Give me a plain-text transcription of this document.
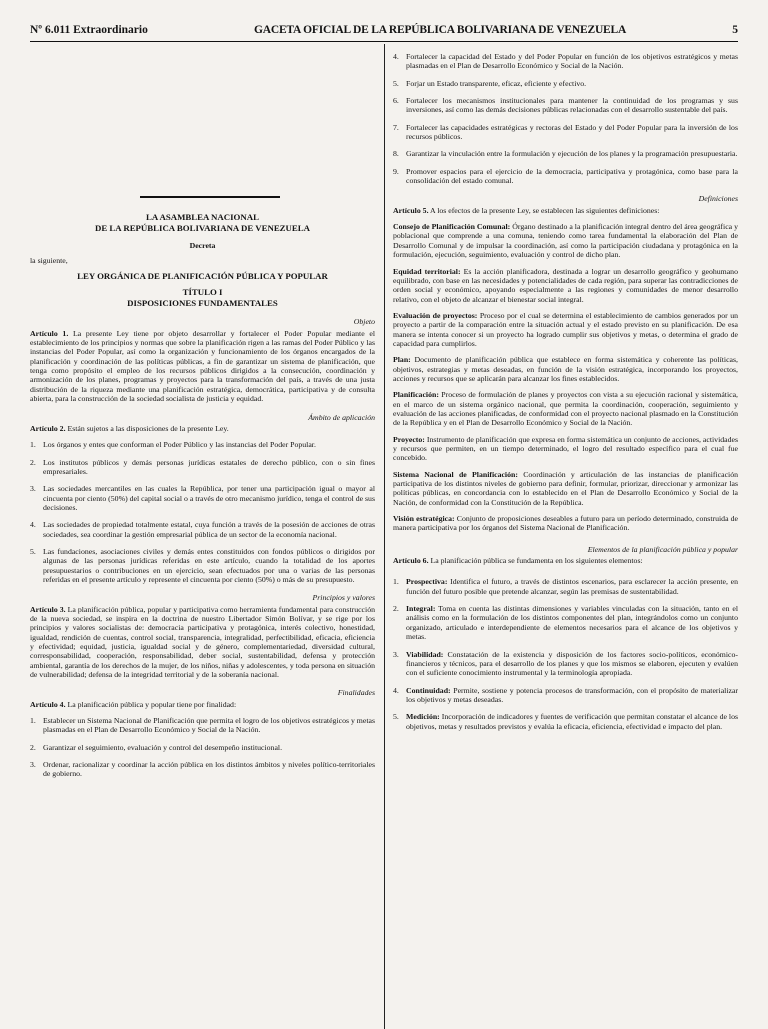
Nº 6.011 Extraordinario	GACETA OFICIAL DE LA REPÚBLICA BOLIVARIANA DE VENEZUELA	5
LA ASAMBLEA NACIONAL
DE LA REPÚBLICA BOLIVARIANA DE VENEZUELA
Decreta
la siguiente,
LEY ORGÁNICA DE PLANIFICACIÓN PÚBLICA Y POPULAR
TÍTULO I
DISPOSICIONES FUNDAMENTALES
Objeto

Artículo 1. La presente Ley tiene por objeto desarrollar y fortalecer el Poder Popular mediante el establecimiento de los principios y normas que sobre la planificación rigen a las ramas del Poder Público y las instancias del Poder Popular, así como la organización y funcionamiento de los órganos encargados de la planificación y coordinación de las políticas públicas, a fin de garantizar un sistema de planificación, que tenga como propósito el empleo de los recursos públicos dirigidos a la consecución, coordinación y armonización de los planes, programas y proyectos para la transformación del país, a través de una justa distribución de la riqueza mediante una planificación estratégica, democrática, participativa y de consulta abierta, para la construcción de la sociedad socialista de justicia y equidad.

Ámbito de aplicación

Artículo 2. Están sujetos a las disposiciones de la presente Ley.

1. Los órganos y entes que conforman el Poder Público y las instancias del Poder Popular.
2. Los institutos públicos y demás personas jurídicas estatales de derecho público, con o sin fines empresariales.
3. Las sociedades mercantiles en las cuales la República, por tener una participación igual o mayor al cincuenta por ciento (50%) del capital social o a través de otro mecanismo jurídico, tenga el control de sus decisiones.
4. Las sociedades de propiedad totalmente estatal, cuya función a través de la posesión de acciones de otras sociedades, sea coordinar la gestión empresarial pública de un sector de la economía nacional.
5. Las fundaciones, asociaciones civiles y demás entes constituidos con fondos públicos o dirigidos por algunas de las personas jurídicas referidas en este artículo, cuando la totalidad de los aportes presupuestarios o contribuciones en un ejercicio, sean efectuados por una o varias de las personas referidas en el presente artículo y represente el cincuenta por ciento (50%) o más de su presupuesto.
Principios y valores

Artículo 3. La planificación pública, popular y participativa como herramienta fundamental para construcción de la nueva sociedad, se inspira en la doctrina de nuestro Libertador Simón Bolívar, y se rige por los principios y valores socialistas de: democracia participativa y protagónica, interés colectivo, honestidad, igualdad, rendición de cuentas, control social, transparencia, integralidad, perfectibilidad, eficacia, eficiencia y efectividad; equidad, justicia, igualdad social y de género, complementariedad, diversidad cultural, corresponsabilidad, cooperación, responsabilidad, deber social, sustentabilidad, defensa y protección ambiental, garantía de los derechos de la mujer, de los niños, niñas y adolescentes, y toda persona en situación de vulnerabilidad; defensa de la integridad territorial y de la soberanía nacional.

Finalidades

Artículo 4. La planificación pública y popular tiene por finalidad:

1. Establecer un Sistema Nacional de Planificación que permita el logro de los objetivos estratégicos y metas plasmadas en el Plan de Desarrollo Económico y Social de la Nación.
2. Garantizar el seguimiento, evaluación y control del desempeño institucional.
3. Ordenar, racionalizar y coordinar la acción pública en los distintos ámbitos y niveles político-territoriales de gobierno.
4. Fortalecer la capacidad del Estado y del Poder Popular en función de los objetivos estratégicos y metas plasmadas en el Plan de Desarrollo Económico y Social de la Nación.
5. Forjar un Estado transparente, eficaz, eficiente y efectivo.
6. Fortalecer los mecanismos institucionales para mantener la continuidad de los programas y sus inversiones, así como las demás decisiones públicas relacionadas con el desarrollo sustentable del país.
7. Fortalecer las capacidades estratégicas y rectoras del Estado y del Poder Popular para la inversión de los recursos públicos.
8. Garantizar la vinculación entre la formulación y ejecución de los planes y la programación presupuestaria.
9. Promover espacios para el ejercicio de la democracia, participativa y protagónica, como base para la consolidación del estado comunal.
Definiciones

Artículo 5. A los efectos de la presente Ley, se establecen las siguientes definiciones:

Consejo de Planificación Comunal: Órgano destinado a la planificación integral dentro del área geográfica y poblacional que comprende a una comuna, teniendo como tarea fundamental la elaboración del Plan de Desarrollo Comunal y de impulsar la coordinación, así como la participación ciudadana y protagónica en la formulación, ejecución, seguimiento, evaluación y control de dicho plan.

Equidad territorial: Es la acción planificadora, destinada a lograr un desarrollo geográfico y geohumano equilibrado, con base en las necesidades y potencialidades de cada región, para superar las contradicciones de orden social y económico, apoyando especialmente a las regiones y comunidades de menor desarrollo relativo, con el objeto de alcanzar el bienestar social integral.

Evaluación de proyectos: Proceso por el cual se determina el establecimiento de cambios generados por un proyecto a partir de la comparación entre la situación actual y el estado previsto en su planificación. De esa manera se intenta conocer si un proyecto ha logrado cumplir sus objetivos y metas, o determina el grado de capacidad para cumplirlos.

Plan: Documento de planificación pública que establece en forma sistemática y coherente las políticas, objetivos, estrategias y metas deseadas, en función de la visión estratégica, incorporando los proyectos, acciones y recursos que se aplicarán para alcanzar los fines establecidos.

Planificación: Proceso de formulación de planes y proyectos con vista a su ejecución racional y sistemática, en el marco de un sistema orgánico nacional, que permita la coordinación, cooperación, seguimiento y evaluación de las acciones planificadas, de conformidad con el proyecto nacional plasmado en la Constitución de la República y en el Plan de Desarrollo Económico y Social de la Nación.

Proyecto: Instrumento de planificación que expresa en forma sistemática un conjunto de acciones, actividades y recursos que permiten, en un tiempo determinado, el logro del resultado específico para el cual fue concebido.

Sistema Nacional de Planificación: Coordinación y articulación de las instancias de planificación participativa de los distintos niveles de gobierno para definir, formular, priorizar, direccionar y armonizar las políticas públicas, en concordancia con lo establecido en el Plan de Desarrollo Económico y Social de la Nación, de conformidad con la Constitución de la República.

Visión estratégica: Conjunto de proposiciones deseables a futuro para un período determinado, construida de manera participativa por los órganos del Sistema Nacional de Planificación.

Elementos de la planificación pública y popular

Artículo 6. La planificación pública se fundamenta en los siguientes elementos:

1. Prospectiva: Identifica el futuro, a través de distintos escenarios, para esclarecer la acción presente, en función del futuro posible que pretende alcanzar, según las premisas de sustentabilidad.
2. Integral: Toma en cuenta las distintas dimensiones y variables vinculadas con la situación, tanto en el análisis como en la formulación de los distintos componentes del plan, integrándolos como un conjunto organizado, articulado e interdependiente de elementos necesarios para el alcance de los objetivos y metas.
3. Viabilidad: Constatación de la existencia y disposición de los factores socio-políticos, económico-financieros y técnicos, para el desarrollo de los planes y que los mismos se elaboren, ejecuten y evalúen con el suficiente conocimiento instrumental y la terminología apropiada.
4. Continuidad: Permite, sostiene y potencia procesos de transformación, con el propósito de materializar los objetivos y metas deseadas.
5. Medición: Incorporación de indicadores y fuentes de verificación que permitan constatar el alcance de los objetivos, metas y resultados previstos y evalúa la eficacia, eficiencia, efectividad e impacto del plan.
